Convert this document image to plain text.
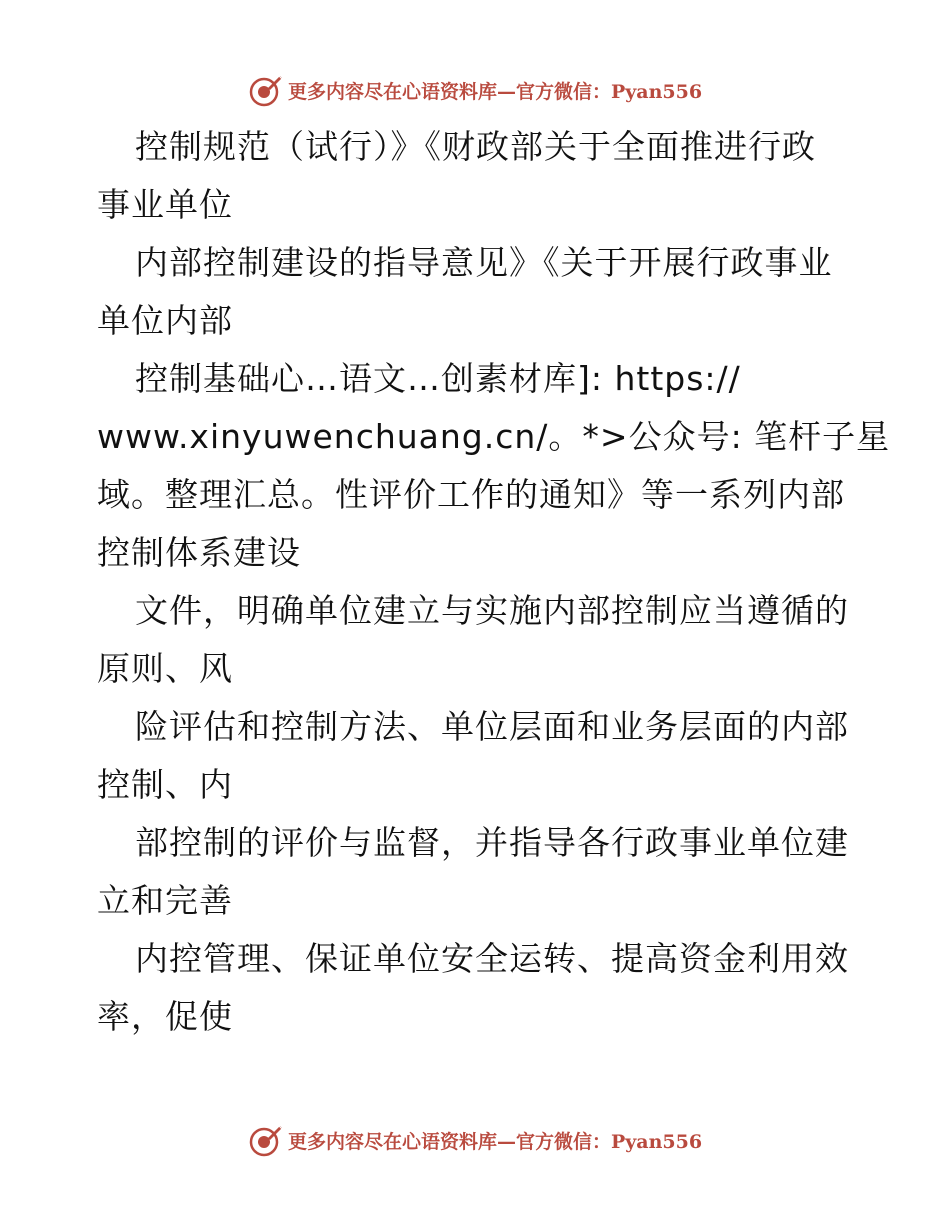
更多内容尽在心语资料库—官方微信：Pyan556
控制规范（试行）》《财政部关于全面推进行政
事业单位
内部控制建设的指导意见》《关于开展行政事业
单位内部
控制基础心…语文…创素材库]: https://
www.xinyuwenchuang.cn/。*>公众号: 笔杆子星
域。整理汇总。性评价工作的通知》等一系列内部
控制体系建设
文件，明确单位建立与实施内部控制应当遵循的
原则、风
险评估和控制方法、单位层面和业务层面的内部
控制、内
部控制的评价与监督，并指导各行政事业单位建
立和完善
内控管理、保证单位安全运转、提高资金利用效
率，促使
更多内容尽在心语资料库—官方微信：Pyan556
